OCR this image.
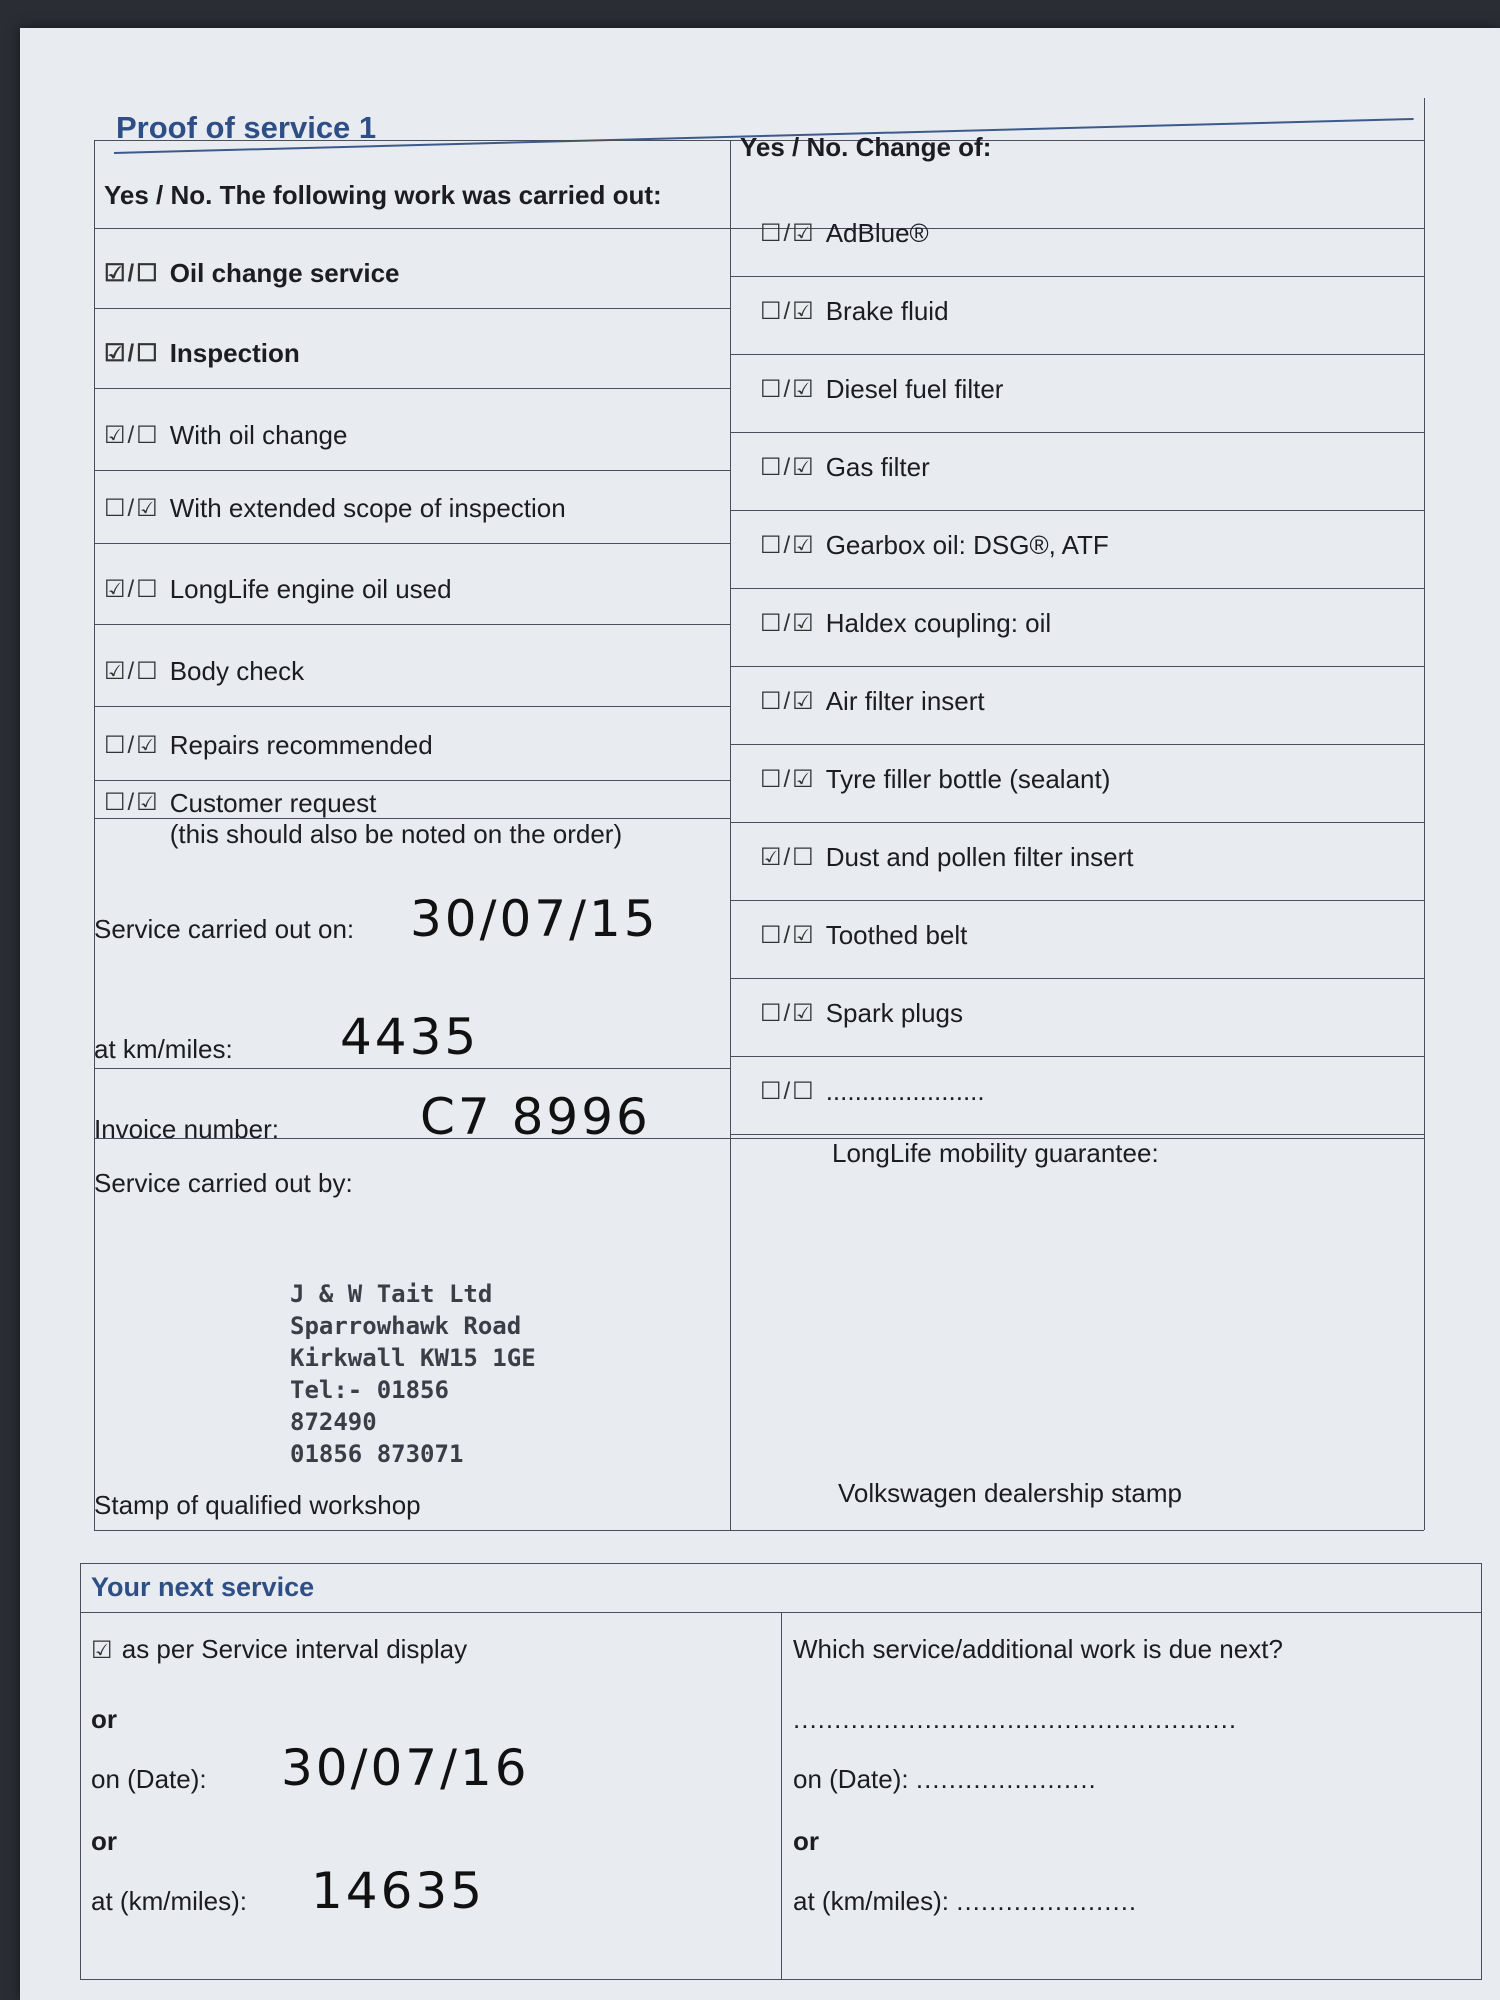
Proof of service 1
Yes / No. The following work was carried out:
Yes / No. Change of:
☑/☐ Oil change service
☑/☐ Inspection
☑/☐ With oil change
☐/☑ With extended scope of inspection
☑/☐ LongLife engine oil used
☑/☐ Body check
☐/☑ Repairs recommended
☐/☑ Customer request
(this should also be noted on the order)
☐/☑ AdBlue®
☐/☑ Brake fluid
☐/☑ Diesel fuel filter
☐/☑ Gas filter
☐/☑ Gearbox oil: DSG®, ATF
☐/☑ Haldex coupling: oil
☐/☑ Air filter insert
☐/☑ Tyre filler bottle (sealant)
☑/☐ Dust and pollen filter insert
☐/☑ Toothed belt
☐/☑ Spark plugs
☐/☐ ......................
Service carried out on: 30/07/15
at km/miles: 4435
Invoice number:	C7 8996
Service carried out by:
J & W Tait Ltd
Sparrowhawk Road
Kirkwall KW15 1GE
Tel:- 01856 872490
01856 873071
Stamp of qualified workshop
LongLife mobility guarantee:
Volkswagen dealership stamp
Your next service
☑ as per Service interval display
or
on (Date): 30/07/16
or
at (km/miles): 14635
Which service/additional work is due next?
......................................................
on (Date): ......................
or
at (km/miles): ......................
